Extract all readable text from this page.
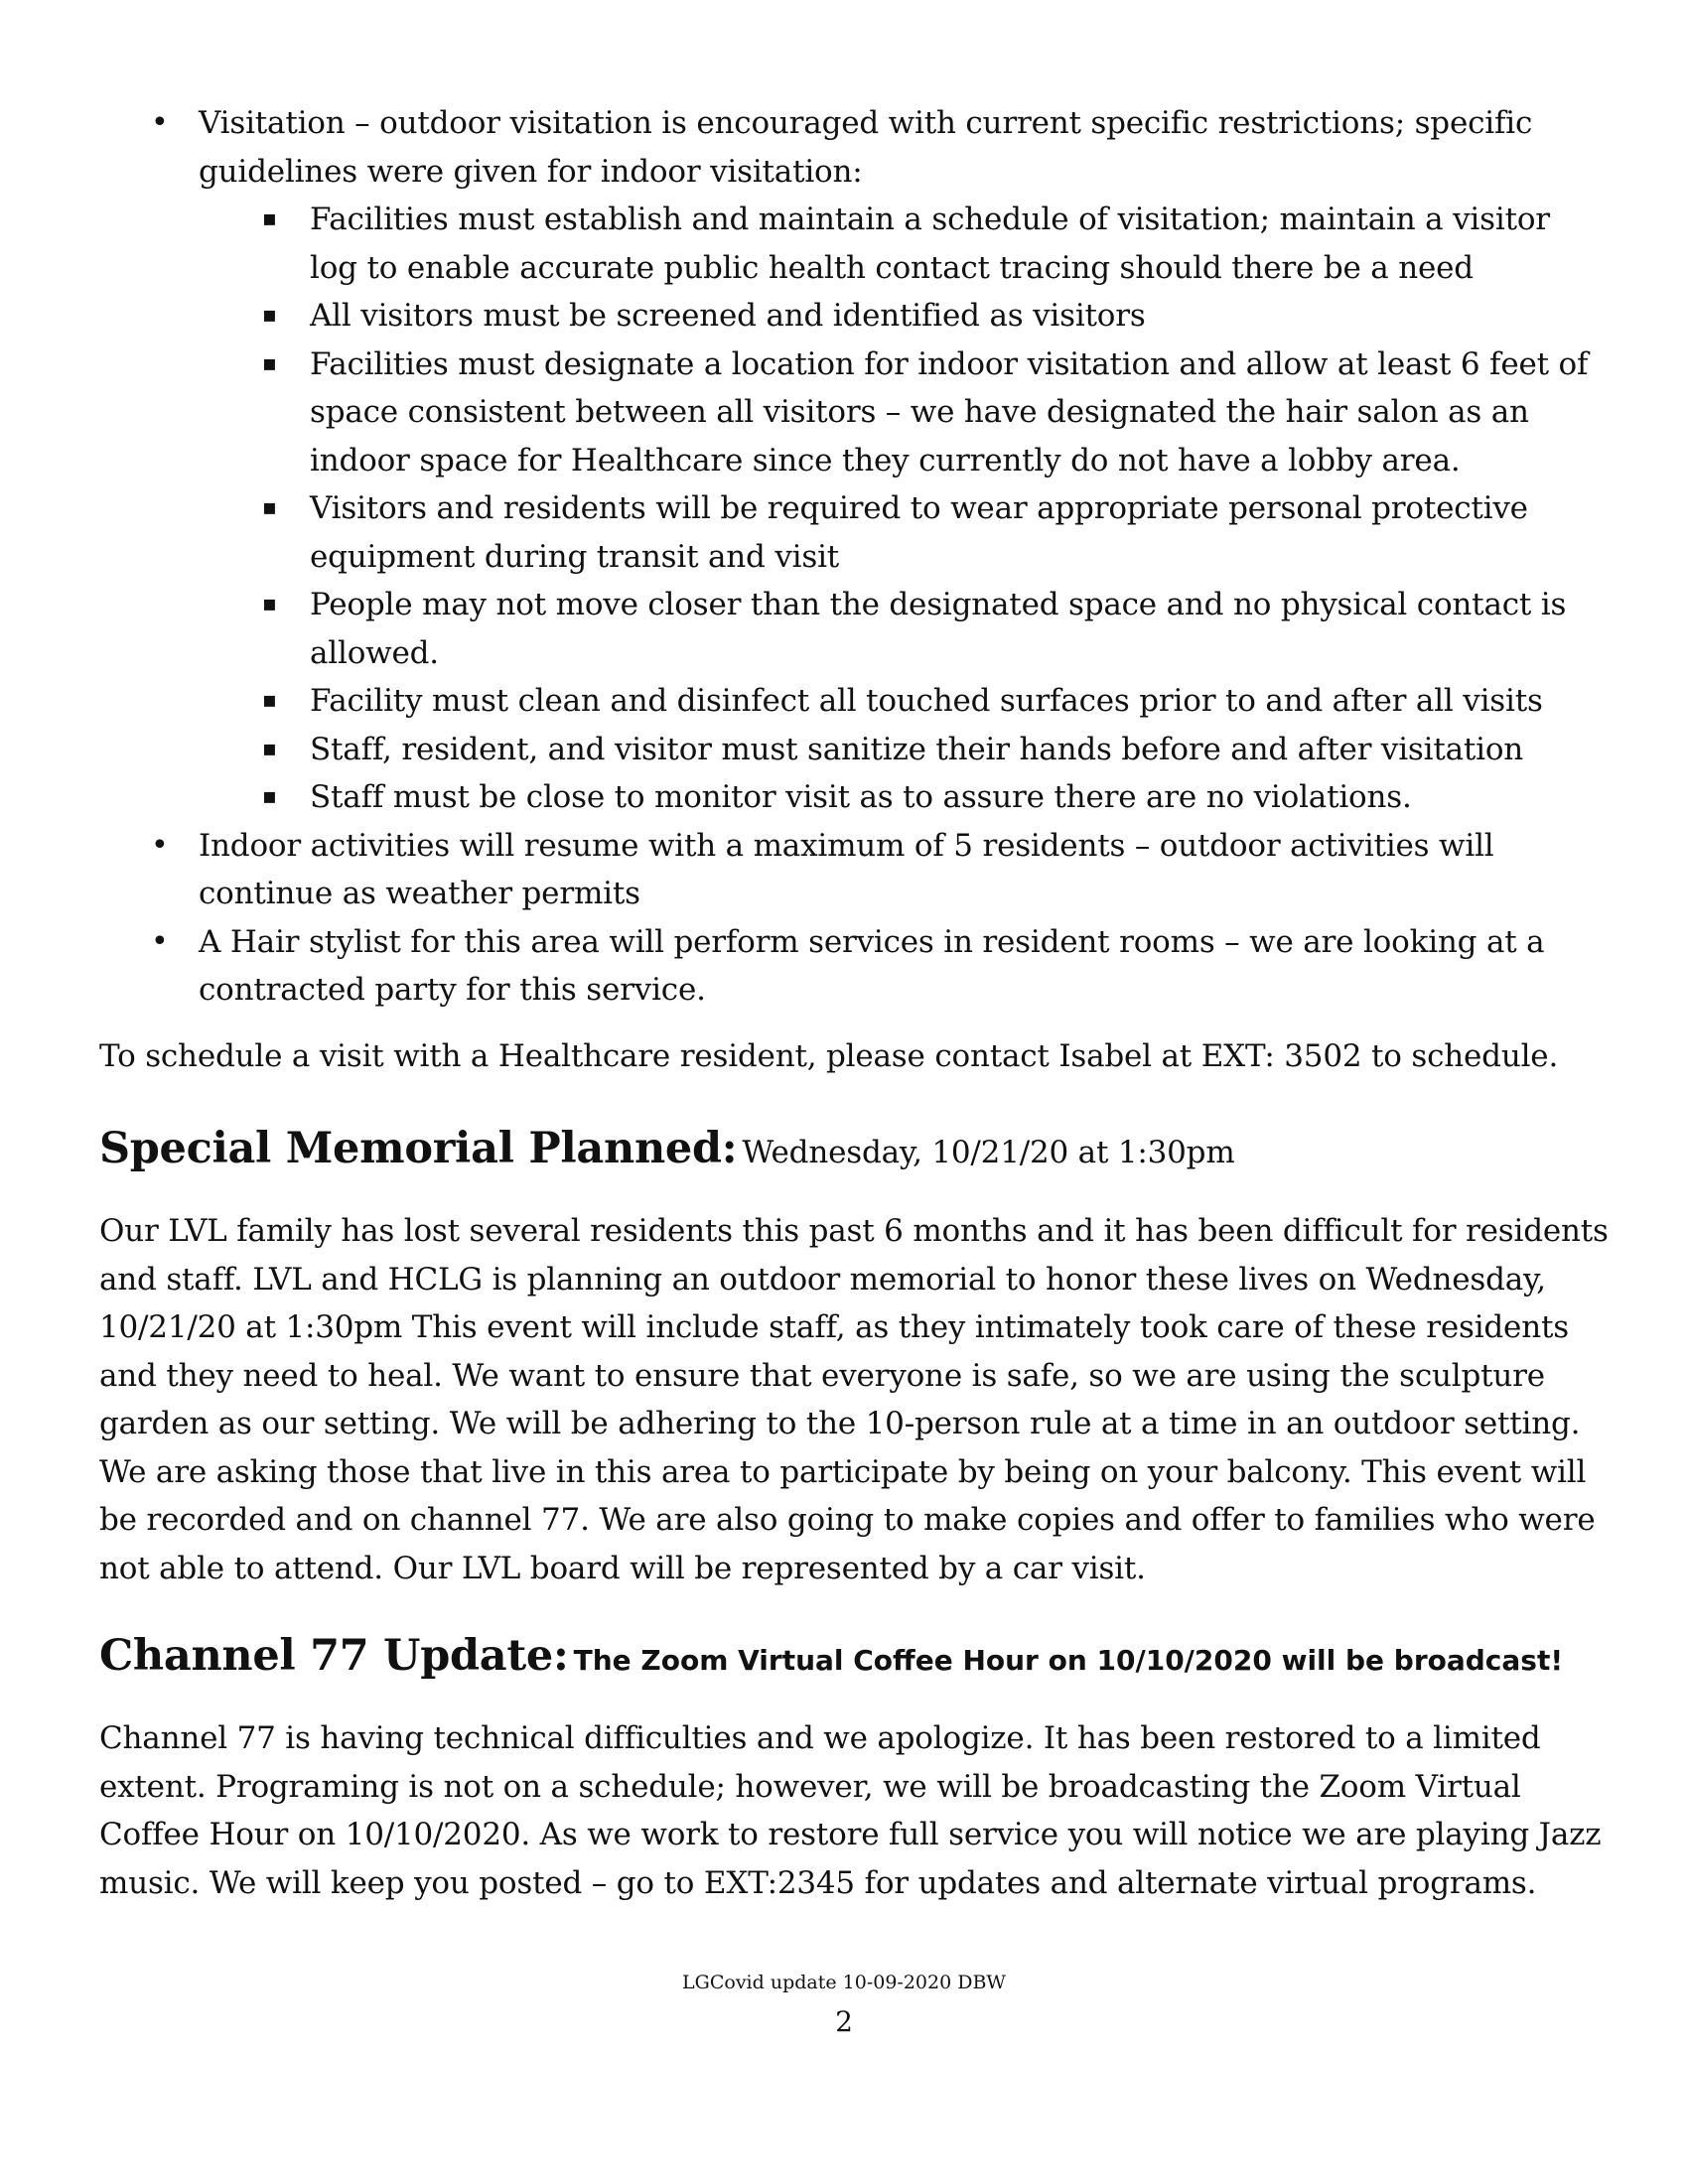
• Visitation – outdoor visitation is encouraged with current specific restrictions; specific guidelines were given for indoor visitation:
▪ Facilities must establish and maintain a schedule of visitation; maintain a visitor log to enable accurate public health contact tracing should there be a need
▪ All visitors must be screened and identified as visitors
▪ Facilities must designate a location for indoor visitation and allow at least 6 feet of space consistent between all visitors – we have designated the hair salon as an indoor space for Healthcare since they currently do not have a lobby area.
▪ Visitors and residents will be required to wear appropriate personal protective equipment during transit and visit
▪ People may not move closer than the designated space and no physical contact is allowed.
▪ Facility must clean and disinfect all touched surfaces prior to and after all visits
▪ Staff, resident, and visitor must sanitize their hands before and after visitation
▪ Staff must be close to monitor visit as to assure there are no violations.
• Indoor activities will resume with a maximum of 5 residents – outdoor activities will continue as weather permits
• A Hair stylist for this area will perform services in resident rooms – we are looking at a contracted party for this service.
To schedule a visit with a Healthcare resident, please contact Isabel at EXT: 3502 to schedule.
Special Memorial Planned: Wednesday, 10/21/20 at 1:30pm
Our LVL family has lost several residents this past 6 months and it has been difficult for residents and staff. LVL and HCLG is planning an outdoor memorial to honor these lives on Wednesday, 10/21/20 at 1:30pm This event will include staff, as they intimately took care of these residents and they need to heal. We want to ensure that everyone is safe, so we are using the sculpture garden as our setting. We will be adhering to the 10-person rule at a time in an outdoor setting. We are asking those that live in this area to participate by being on your balcony. This event will be recorded and on channel 77. We are also going to make copies and offer to families who were not able to attend. Our LVL board will be represented by a car visit.
Channel 77 Update: The Zoom Virtual Coffee Hour on 10/10/2020 will be broadcast!
Channel 77 is having technical difficulties and we apologize. It has been restored to a limited extent. Programing is not on a schedule; however, we will be broadcasting the Zoom Virtual Coffee Hour on 10/10/2020. As we work to restore full service you will notice we are playing Jazz music. We will keep you posted – go to EXT:2345 for updates and alternate virtual programs.
LGCovid update 10-09-2020 DBW
2
